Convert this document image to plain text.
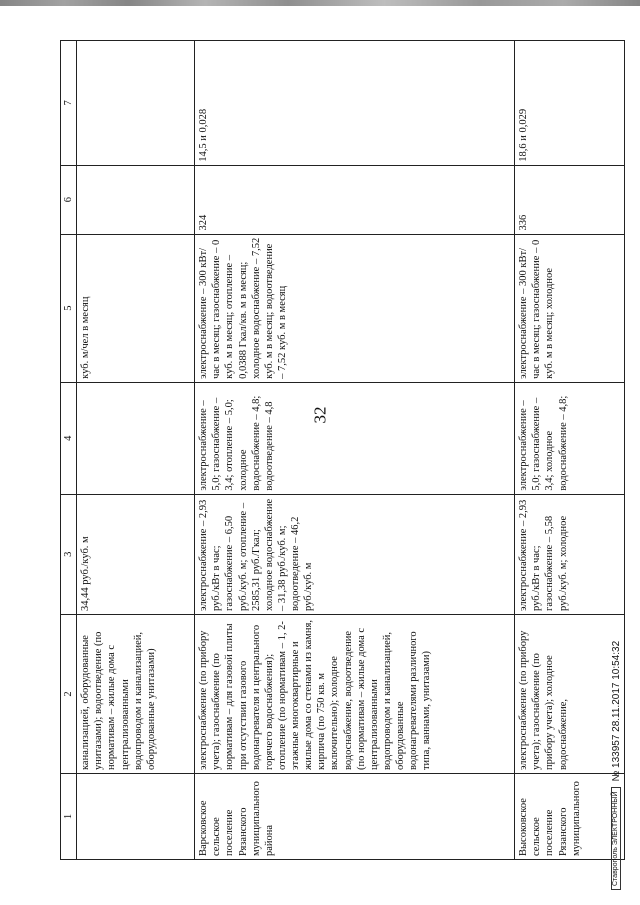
32
1	2	3	4	5	6	7
	канализацией, оборудованные унитазами); водоотведение (по нормативам – жилые дома с централизованными водопроводом и канализацией, оборудованные унитазами)	34,44 руб./куб. м		куб. м/чел в месяц		
Варсковское сельское поселение Рязанского муниципального района	электроснабжение (по прибору учета); газоснабжение (по нормативам – для газовой плиты при отсутствии газового водонагревателя и центрального горячего водоснабжения); отопление (по нормативам – 1, 2-этажные многоквартирные и жилые дома со стенами из камня, кирпича (по 750 кв. м включительно); холодное водоснабжение, водоотведение (по нормативам – жилые дома с централизованными водопроводом и канализацией, оборудованные водонагревателями различного типа, ваннами, унитазами)	электроснабжение – 2,93 руб./кВт в час; газоснабжение – 6,50 руб./куб. м; отопление – 2585,31 руб./Гкал; холодное водоснабжение – 31,38 руб./куб. м; водоотведение – 46,2 руб./куб. м	электроснабжение – 5,0; газоснабжение – 3,4; отопление – 5,0; холодное водоснабжение – 4,8; водоотведение – 4,8	электроснабжение – 300 кВт/час в месяц; газоснабжение – 0 куб. м в месяц; отопление – 0,0388 Гкал/кв. м в месяц; холодное водоснабжение – 7,52 куб. м в месяц; водоотведение – 7,52 куб. м в месяц	324	14,5 и 0,028
Высоковское сельское поселение Рязанского муниципального	электроснабжение (по прибору учета); газоснабжение (по прибору учета); холодное водоснабжение,	электроснабжение – 2,93 руб./кВт в час; газоснабжение – 5,58 руб./куб. м; холодное	электроснабжение – 5,0; газоснабжение – 3,4; холодное водоснабжение – 4,8;	электроснабжение – 300 кВт/час в месяц; газоснабжение – 0 куб. м в месяц; холодное	336	18,6 и 0,029
Ставрополь ЭЛЕКТРОННЫЙ
№ 133957 28.11.2017 10:54:32
